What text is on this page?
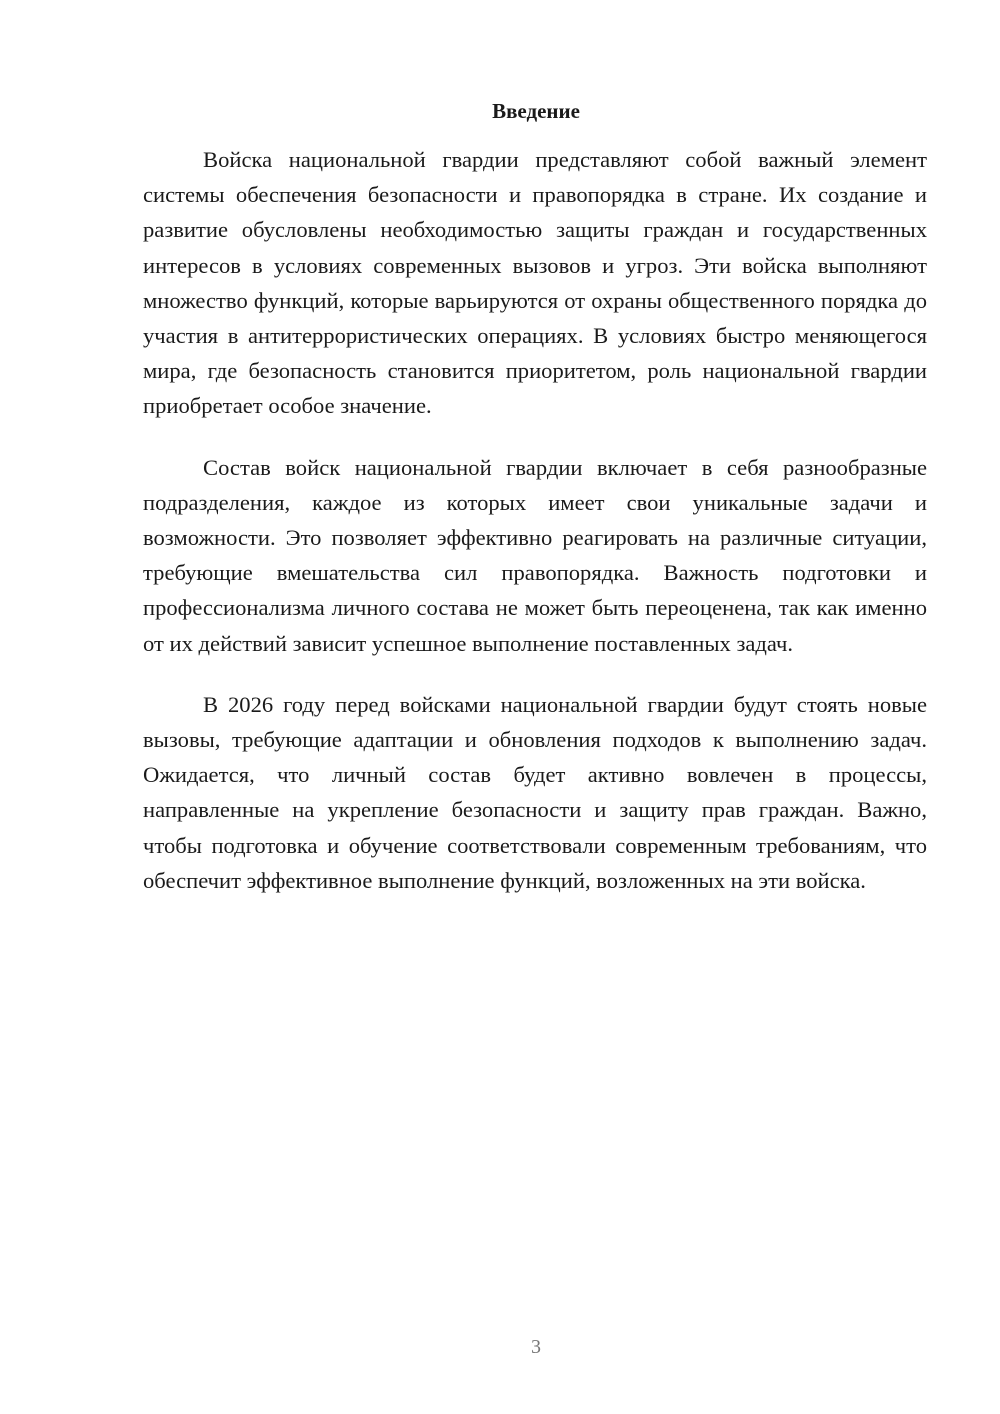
Введение

Войска национальной гвардии представляют собой важный элемент системы обеспечения безопасности и правопорядка в стране. Их создание и развитие обусловлены необходимостью защиты граждан и государственных интересов в условиях современных вызовов и угроз. Эти войска выполняют множество функций, которые варьируются от охраны общественного порядка до участия в антитеррористических операциях. В условиях быстро меняющегося мира, где безопасность становится приоритетом, роль национальной гвардии приобретает особое значение.

Состав войск национальной гвардии включает в себя разнообразные подразделения, каждое из которых имеет свои уникальные задачи и возможности. Это позволяет эффективно реагировать на различные ситуации, требующие вмешательства сил правопорядка. Важность подготовки и профессионализма личного состава не может быть переоценена, так как именно от их действий зависит успешное выполнение поставленных задач.

В 2026 году перед войсками национальной гвардии будут стоять новые вызовы, требующие адаптации и обновления подходов к выполнению задач. Ожидается, что личный состав будет активно вовлечен в процессы, направленные на укрепление безопасности и защиту прав граждан. Важно, чтобы подготовка и обучение соответствовали современным требованиям, что обеспечит эффективное выполнение функций, возложенных на эти войска.

3
